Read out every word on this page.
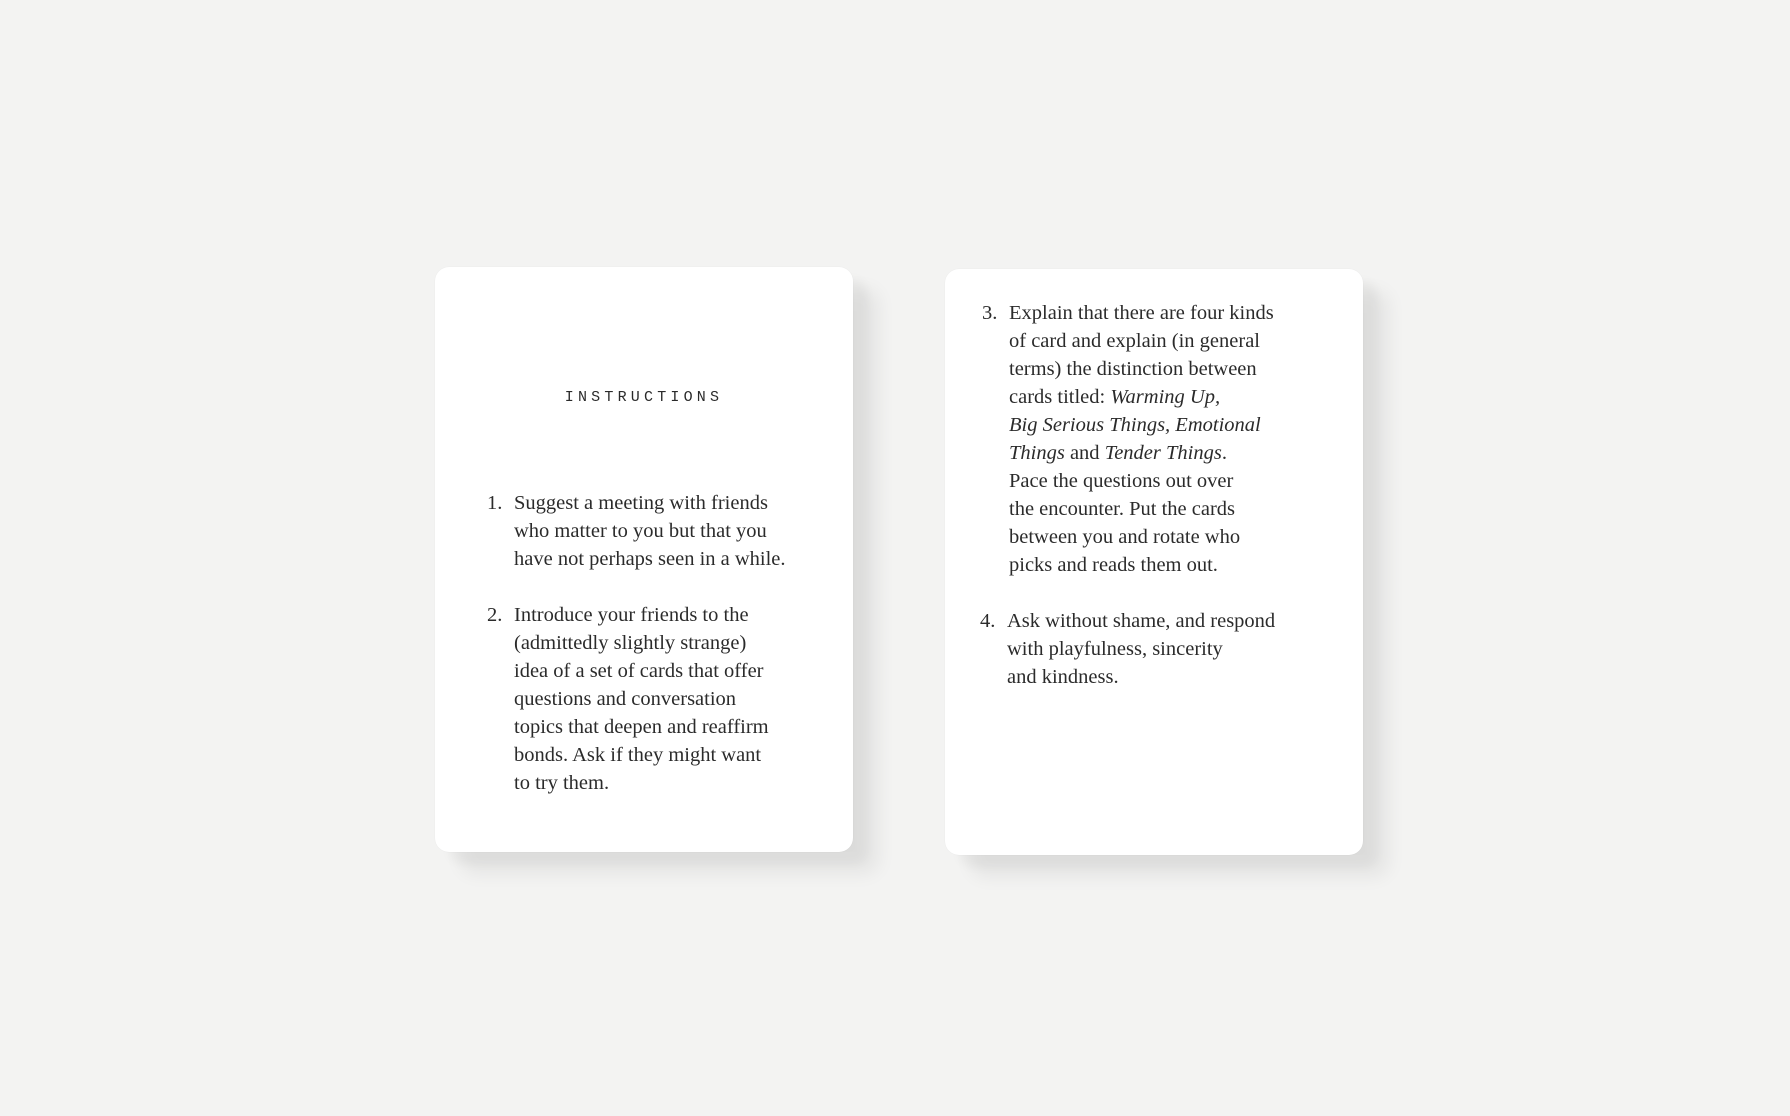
INSTRUCTIONS
1. Suggest a meeting with friends
who matter to you but that you
have not perhaps seen in a while.
2. Introduce your friends to the
(admittedly slightly strange)
idea of a set of cards that offer
questions and conversation
topics that deepen and reaffirm
bonds. Ask if they might want
to try them.
3. Explain that there are four kinds
of card and explain (in general
terms) the distinction between
cards titled: Warming Up,
Big Serious Things, Emotional
Things and Tender Things.
Pace the questions out over
the encounter. Put the cards
between you and rotate who
picks and reads them out.
4. Ask without shame, and respond
with playfulness, sincerity
and kindness.
